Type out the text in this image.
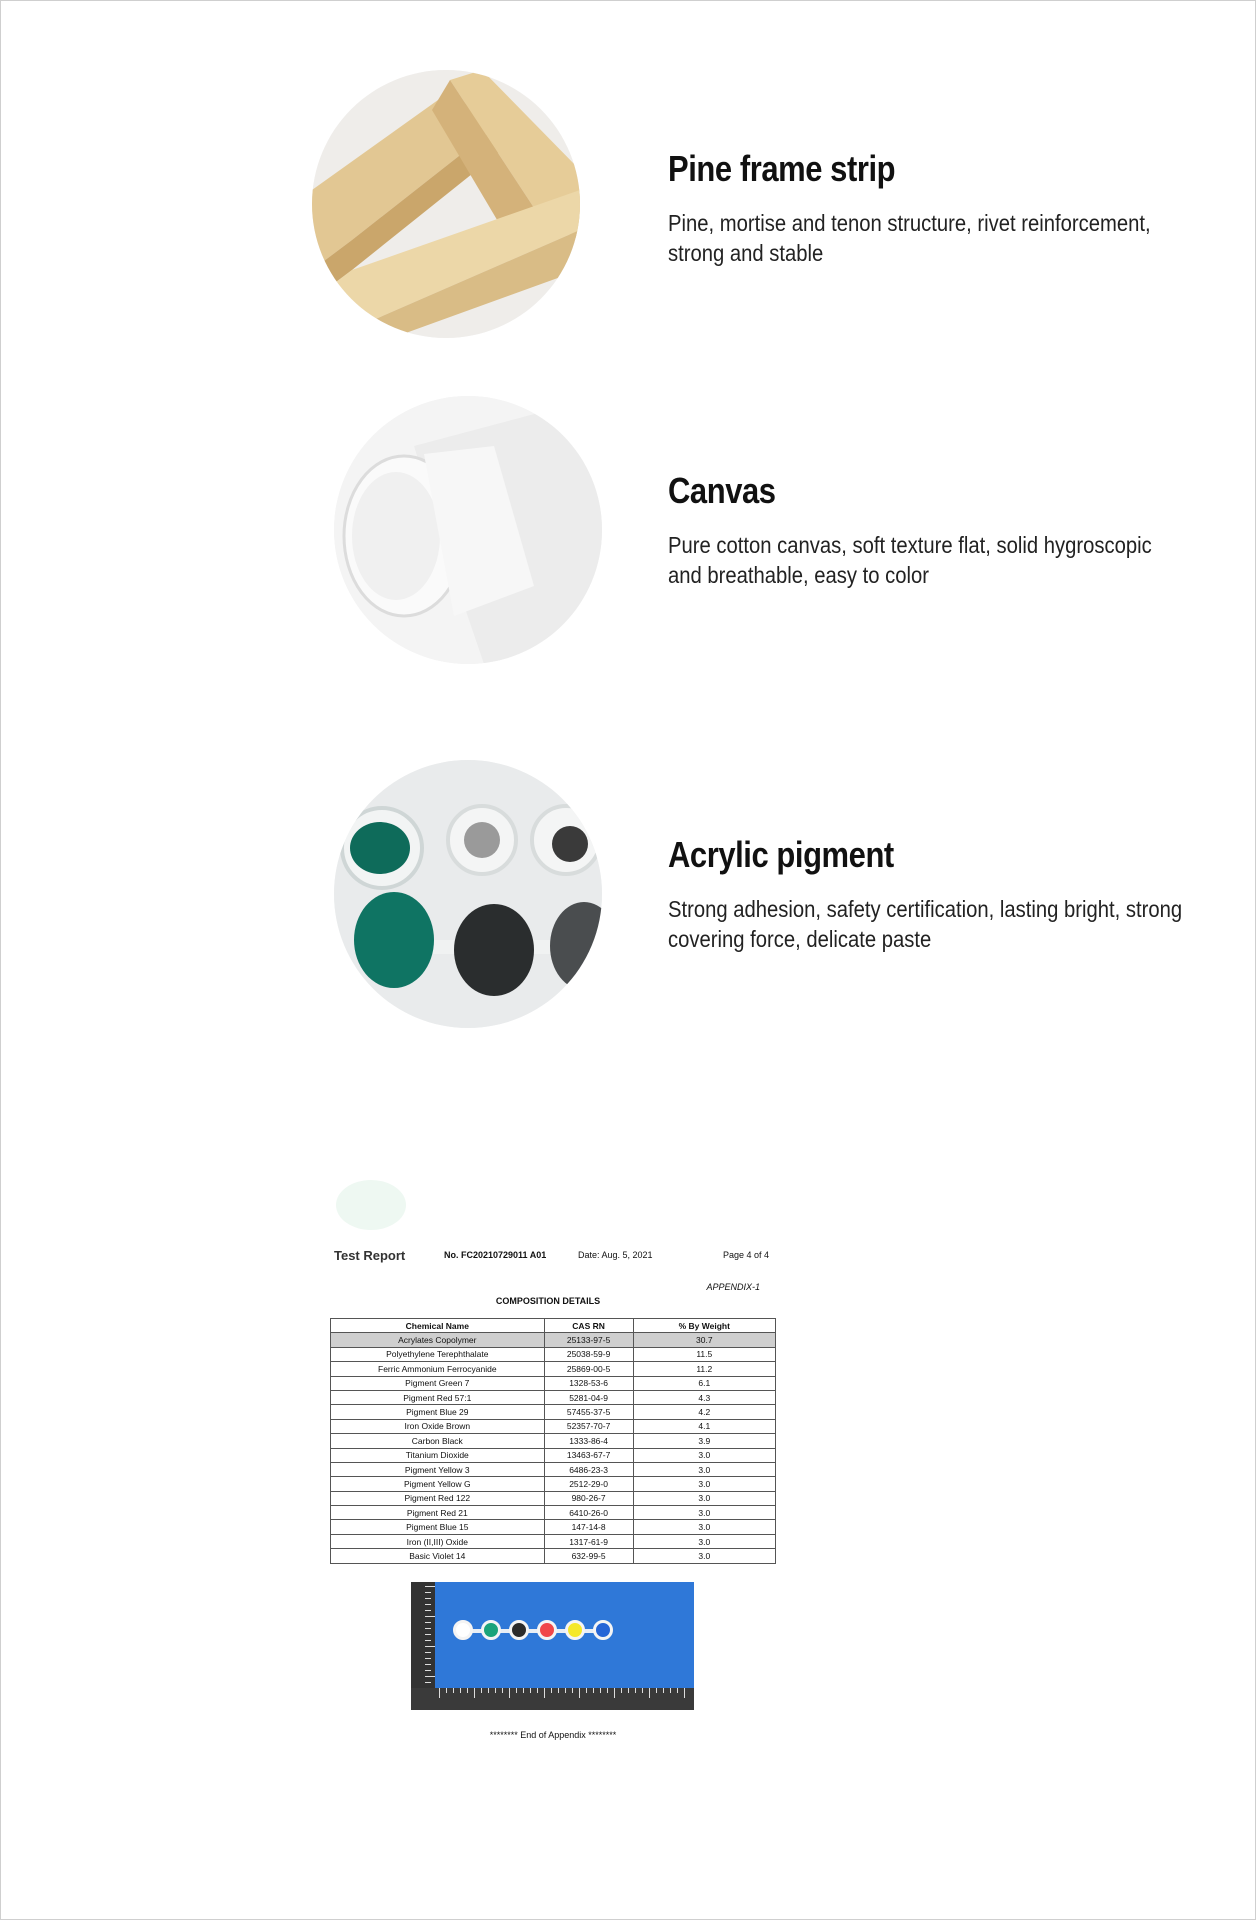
Pine frame strip
Pine, mortise and tenon structure, rivet reinforcement, strong and stable
Canvas
Pure cotton canvas, soft texture flat, solid hygroscopic and breathable, easy to color
Acrylic pigment
Strong adhesion, safety certification, lasting bright, strong covering force, delicate paste
Test Report	No. FC20210729011 A01	Date: Aug. 5, 2021	Page 4 of 4
APPENDIX-1
COMPOSITION DETAILS
Chemical Name	CAS RN	% By Weight
Acrylates Copolymer	25133-97-5	30.7
Polyethylene Terephthalate	25038-59-9	11.5
Ferric Ammonium Ferrocyanide	25869-00-5	11.2
Pigment Green 7	1328-53-6	6.1
Pigment Red 57:1	5281-04-9	4.3
Pigment Blue 29	57455-37-5	4.2
Iron Oxide Brown	52357-70-7	4.1
Carbon Black	1333-86-4	3.9
Titanium Dioxide	13463-67-7	3.0
Pigment Yellow 3	6486-23-3	3.0
Pigment Yellow G	2512-29-0	3.0
Pigment Red 122	980-26-7	3.0
Pigment Red 21	6410-26-0	3.0
Pigment Blue 15	147-14-8	3.0
Iron (II,III) Oxide	1317-61-9	3.0
Basic Violet 14	632-99-5	3.0
******** End of Appendix ********
